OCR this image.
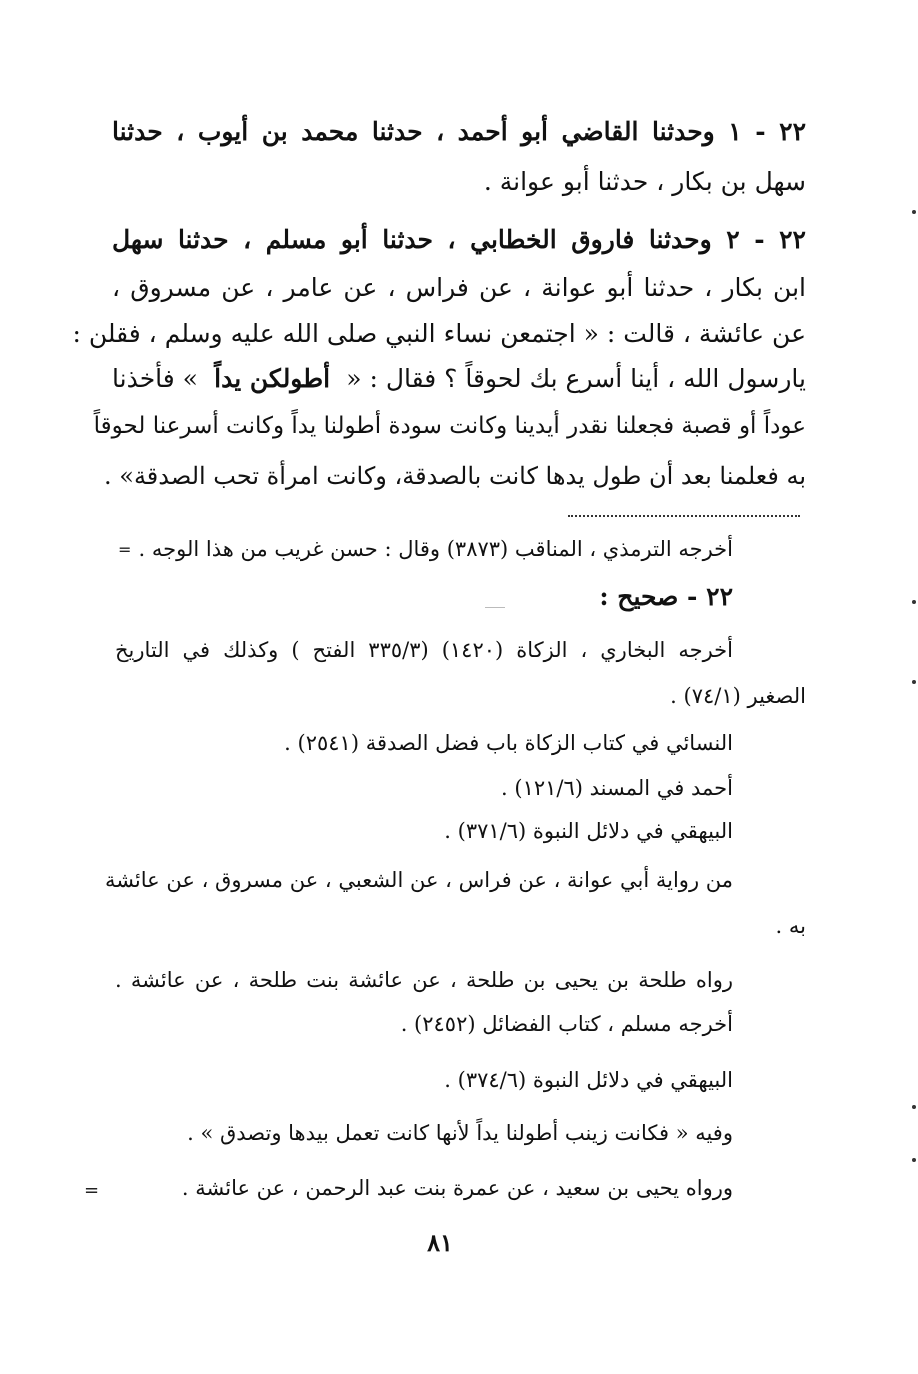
٢٢ - ١ وحدثنا القاضي أبو أحمد ، حدثنا محمد بن أيوب ، حدثنا
سهل بن بكار ، حدثنا أبو عوانة .
٢٢ - ٢ وحدثنا فاروق الخطابي ، حدثنا أبو مسلم ، حدثنا سهل
ابن بكار ، حدثنا أبو عوانة ، عن فراس ، عن عامر ، عن مسروق ،
عن عائشة ، قالت : « اجتمعن نساء النبي صلى الله عليه وسلم ، فقلن :
يارسول الله ، أينا أسرع بك لحوقاً ؟ فقال : «
أطولكن يداً
» فأخذنا
عوداً أو قصبة فجعلنا نقدر أيدينا وكانت سودة أطولنا يداً وكانت أسرعنا لحوقاً
به فعلمنا بعد أن طول يدها كانت بالصدقة، وكانت امرأة تحب الصدقة» .
= أخرجه الترمذي ، المناقب (٣٨٧٣) وقال : حسن غريب من هذا الوجه .
٢٢ - صحيح :
أخرجه البخاري ، الزكاة (١٤٢٠) (٣٣٥/٣ الفتح ) وكذلك في التاريخ
الصغير (٧٤/١) .
النسائي في كتاب الزكاة باب فضل الصدقة (٢٥٤١) .
أحمد في المسند (١٢١/٦) .
البيهقي في دلائل النبوة (٣٧١/٦) .
من رواية أبي عوانة ، عن فراس ، عن الشعبي ، عن مسروق ، عن عائشة
به .
رواه طلحة بن يحيى بن طلحة ، عن عائشة بنت طلحة ، عن عائشة .
أخرجه مسلم ، كتاب الفضائل (٢٤٥٢) .
البيهقي في دلائل النبوة (٣٧٤/٦) .
وفيه « فكانت زينب أطولنا يداً لأنها كانت تعمل بيدها وتصدق » .
ورواه يحيى بن سعيد ، عن عمرة بنت عبد الرحمن ، عن عائشة .
=
٨١
